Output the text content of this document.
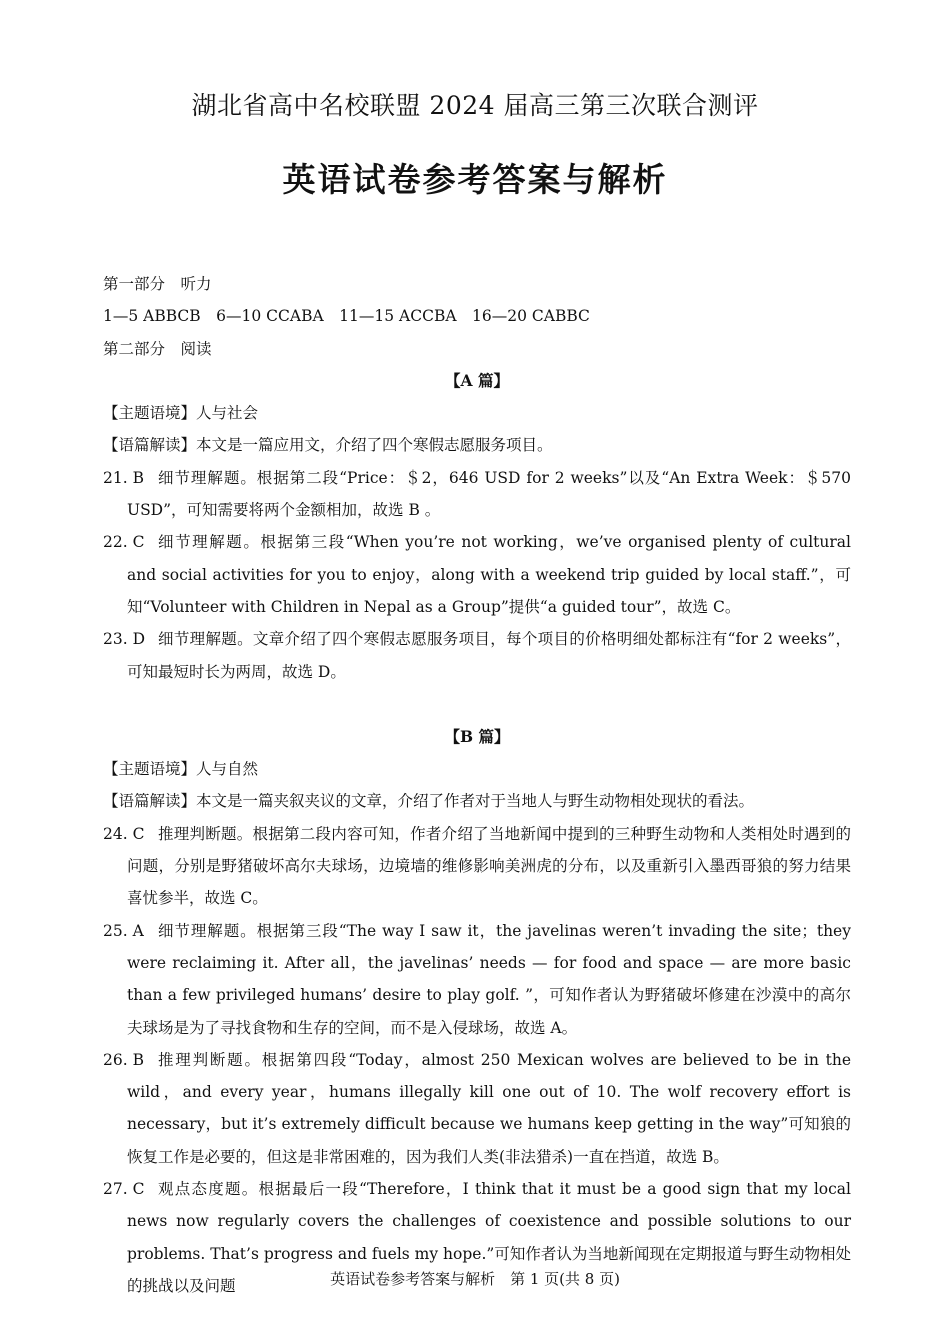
湖北省高中名校联盟 2024 届高三第三次联合测评
英语试卷参考答案与解析
第一部分　听力
1—5 ABBCB　6—10 CCABA　11—15 ACCBA　16—20 CABBC
第二部分　阅读
【A 篇】
【主题语境】人与社会
【语篇解读】本文是一篇应用文，介绍了四个寒假志愿服务项目。
21. B 细节理解题。根据第二段“Price：＄2，646 USD for 2 weeks”以及“An Extra Week：＄570 USD”，可知需要将两个金额相加，故选 B 。
22. C 细节理解题。根据第三段“When you’re not working，we’ve organised plenty of cultural and social activities for you to enjoy，along with a weekend trip guided by local staff.”，可知“Volunteer with Children in Nepal as a Group”提供“a guided tour”，故选 C。
23. D 细节理解题。文章介绍了四个寒假志愿服务项目，每个项目的价格明细处都标注有“for 2 weeks”，可知最短时长为两周，故选 D。
【B 篇】
【主题语境】人与自然
【语篇解读】本文是一篇夹叙夹议的文章，介绍了作者对于当地人与野生动物相处现状的看法。
24. C 推理判断题。根据第二段内容可知，作者介绍了当地新闻中提到的三种野生动物和人类相处时遇到的问题，分别是野猪破坏高尔夫球场，边境墙的维修影响美洲虎的分布，以及重新引入墨西哥狼的努力结果喜忧参半，故选 C。
25. A 细节理解题。根据第三段“The way I saw it，the javelinas weren’t invading the site；they were reclaiming it. After all，the javelinas’ needs — for food and space — are more basic than a few privileged humans’ desire to play golf. ”，可知作者认为野猪破坏修建在沙漠中的高尔夫球场是为了寻找食物和生存的空间，而不是入侵球场，故选 A。
26. B 推理判断题。根据第四段“Today，almost 250 Mexican wolves are believed to be in the wild，and every year，humans illegally kill one out of 10. The wolf recovery effort is necessary，but it’s extremely difficult because we humans keep getting in the way”可知狼的恢复工作是必要的，但这是非常困难的，因为我们人类(非法猎杀)一直在挡道，故选 B。
27. C 观点态度题。根据最后一段“Therefore，I think that it must be a good sign that my local news now regularly covers the challenges of coexistence and possible solutions to our problems. That’s progress and fuels my hope.”可知作者认为当地新闻现在定期报道与野生动物相处的挑战以及问题	英语试卷参考答案与解析　第 1 页(共 8 页)
